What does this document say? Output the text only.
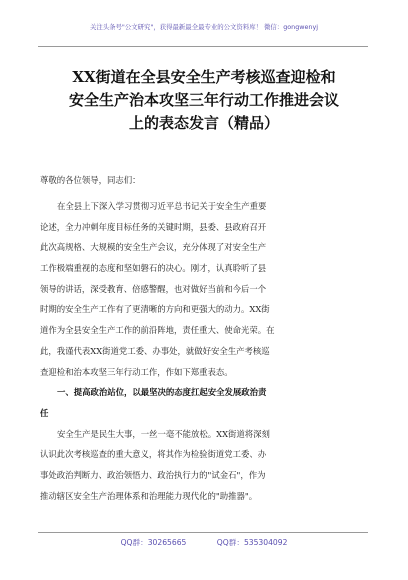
关注头条号"公文研究"，获得最新最全最专业的公文资料库！ 微信：gongwenyj
XX街道在全县安全生产考核巡查迎检和
安全生产治本攻坚三年行动工作推进会议
上的表态发言（精品）
尊敬的各位领导，同志们：
在全县上下深入学习贯彻习近平总书记关于安全生产重要
论述，全力冲刺年度目标任务的关键时期，县委、县政府召开
此次高规格、大规模的安全生产会议，充分体现了对安全生产
工作极端重视的态度和坚如磐石的决心。刚才，认真聆听了县
领导的讲话，深受教育、倍感警醒，也对做好当前和今后一个
时期的安全生产工作有了更清晰的方向和更强大的动力。XX街
道作为全县安全生产工作的前沿阵地，责任重大、使命光荣。在
此，我谨代表XX街道党工委、办事处，就做好安全生产考核巡
查迎检和治本攻坚三年行动工作，作如下郑重表态。
一、提高政治站位，以最坚决的态度扛起安全发展政治责
任
安全生产是民生大事，一丝一毫不能放松。XX街道将深刻
认识此次考核巡查的重大意义，将其作为检验街道党工委、办
事处政治判断力、政治领悟力、政治执行力的"试金石"，作为
推动辖区安全生产治理体系和治理能力现代化的"助推器"。
QQ群：30265665	QQ群：535304092
